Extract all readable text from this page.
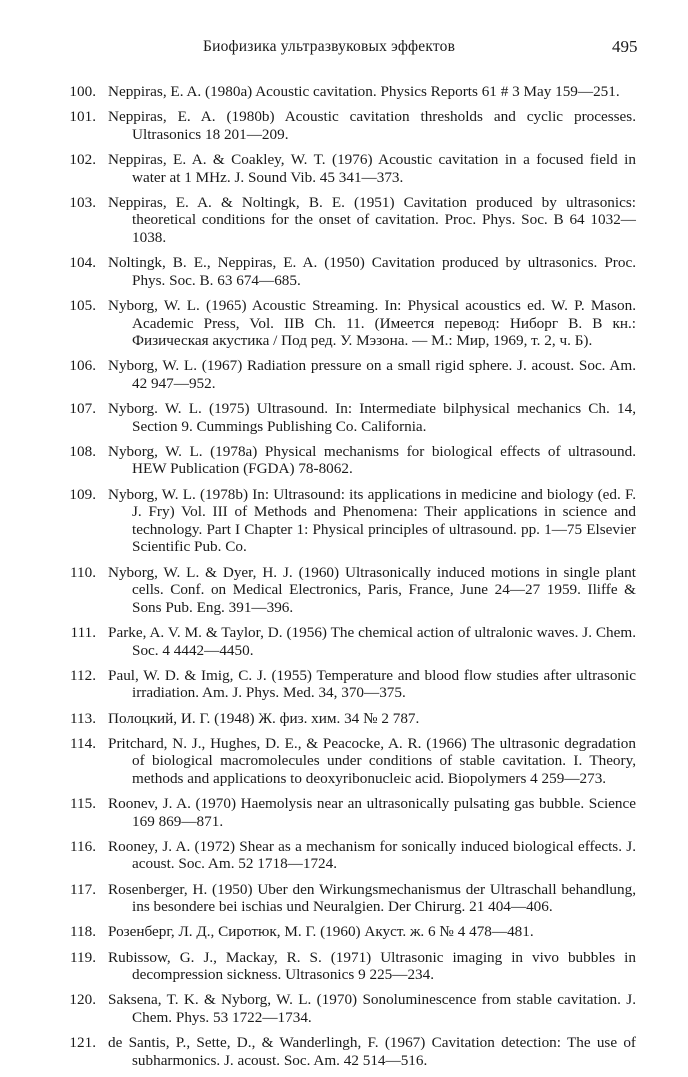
Биофизика ультразвуковых эффектов	495
100. Neppiras, E. A. (1980a) Acoustic cavitation. Physics Reports 61 # 3 May 159—251.
101. Neppiras, E. A. (1980b) Acoustic cavitation thresholds and cyclic processes. Ultrasonics 18 201—209.
102. Neppiras, E. A. & Coakley, W. T. (1976) Acoustic cavitation in a focused field in water at 1 MHz. J. Sound Vib. 45 341—373.
103. Neppiras, E. A. & Noltingk, B. E. (1951) Cavitation produced by ultrasonics: theoretical conditions for the onset of cavitation. Proc. Phys. Soc. B 64 1032—1038.
104. Noltingk, B. E., Neppiras, E. A. (1950) Cavitation produced by ultrasonics. Proc. Phys. Soc. B. 63 674—685.
105. Nyborg, W. L. (1965) Acoustic Streaming. In: Physical acoustics ed. W. P. Mason. Academic Press, Vol. IIB Ch. 11. (Имеется перевод: Ниборг В. В кн.: Физическая акустика / Под ред. У. Мэзона. — М.: Мир, 1969, т. 2, ч. Б).
106. Nyborg, W. L. (1967) Radiation pressure on a small rigid sphere. J. acoust. Soc. Am. 42 947—952.
107. Nyborg. W. L. (1975) Ultrasound. In: Intermediate bilphysical mechanics Ch. 14, Section 9. Cummings Publishing Co. California.
108. Nyborg, W. L. (1978a) Physical mechanisms for biological effects of ultrasound. HEW Publication (FGDA) 78-8062.
109. Nyborg, W. L. (1978b) In: Ultrasound: its applications in medicine and biology (ed. F. J. Fry) Vol. III of Methods and Phenomena: Their applications in science and technology. Part I Chapter 1: Physical principles of ultrasound. pp. 1—75 Elsevier Scientific Pub. Co.
110. Nyborg, W. L. & Dyer, H. J. (1960) Ultrasonically induced motions in single plant cells. Conf. on Medical Electronics, Paris, France, June 24—27 1959. Iliffe & Sons Pub. Eng. 391—396.
111. Parke, A. V. M. & Taylor, D. (1956) The chemical action of ultralonic waves. J. Chem. Soc. 4 4442—4450.
112. Paul, W. D. & Imig, C. J. (1955) Temperature and blood flow studies after ultrasonic irradiation. Am. J. Phys. Med. 34, 370—375.
113. Полоцкий, И. Г. (1948) Ж. физ. хим. 34 № 2 787.
114. Pritchard, N. J., Hughes, D. E., & Peacocke, A. R. (1966) The ultrasonic degradation of biological macromolecules under conditions of stable cavitation. I. Theory, methods and applications to deoxyribonucleic acid. Biopolymers 4 259—273.
115. Roonev, J. A. (1970) Haemolysis near an ultrasonically pulsating gas bubble. Science 169 869—871.
116. Rooney, J. A. (1972) Shear as a mechanism for sonically induced biological effects. J. acoust. Soc. Am. 52 1718—1724.
117. Rosenberger, H. (1950) Uber den Wirkungsmechanismus der Ultraschall behandlung, ins besondere bei ischias und Neuralgien. Der Chirurg. 21 404—406.
118. Розенберг, Л. Д., Сиротюк, М. Г. (1960) Акуст. ж. 6 № 4 478—481.
119. Rubissow, G. J., Mackay, R. S. (1971) Ultrasonic imaging in vivo bubbles in decompression sickness. Ultrasonics 9 225—234.
120. Saksena, T. K. & Nyborg, W. L. (1970) Sonoluminescence from stable cavitation. J. Chem. Phys. 53 1722—1734.
121. de Santis, P., Sette, D., & Wanderlingh, F. (1967) Cavitation detection: The use of subharmonics. J. acoust. Soc. Am. 42 514—516.
